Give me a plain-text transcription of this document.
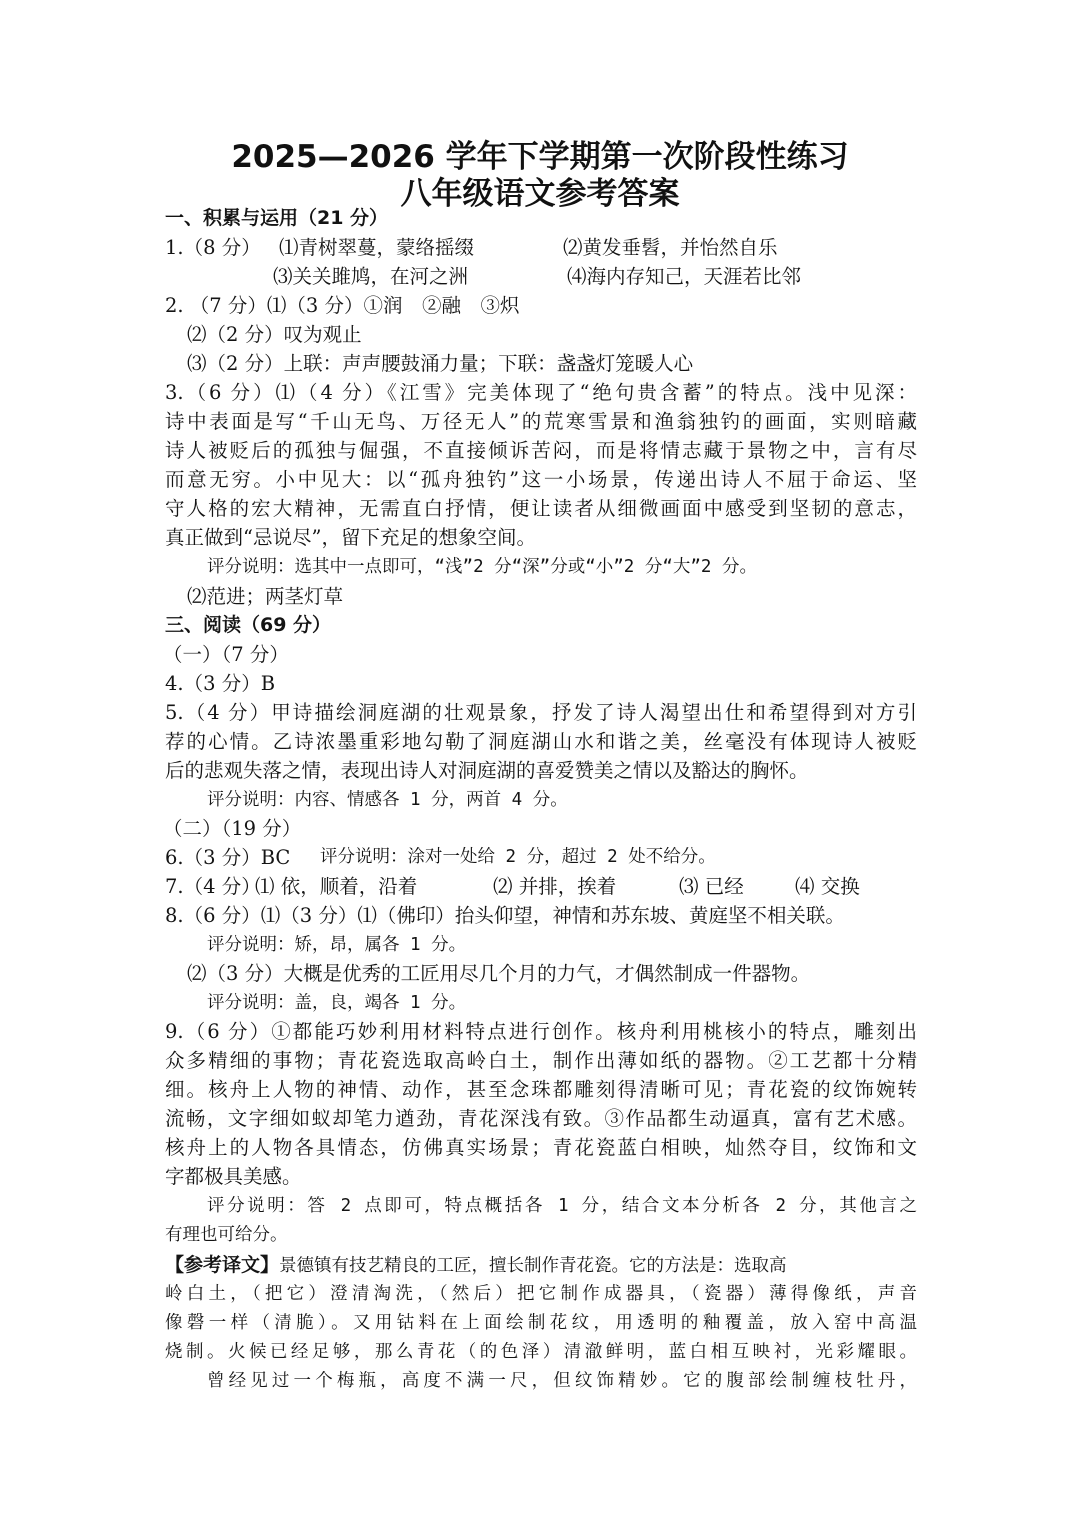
2025—2026 学年下学期第一次阶段性练习
八年级语文参考答案
一、积累与运用（21 分）
1.（8 分） ⑴青树翠蔓，蒙络摇缀	⑵黄发垂髫，并怡然自乐
⑶关关雎鸠，在河之洲	⑷海内存知己，天涯若比邻
2. （7 分）⑴（3 分）①润　②融　③炽
⑵（2 分）叹为观止
⑶（2 分）上联：声声腰鼓涌力量；下联：盏盏灯笼暖人心
3.（6 分）⑴（4 分）《江雪》完美体现了“绝句贵含蓄”的特点。浅中见深：
诗中表面是写“千山无鸟、万径无人”的荒寒雪景和渔翁独钓的画面，实则暗藏
诗人被贬后的孤独与倔强，不直接倾诉苦闷，而是将情志藏于景物之中，言有尽
而意无穷。小中见大：以“孤舟独钓”这一小场景，传递出诗人不屈于命运、坚
守人格的宏大精神，无需直白抒情，便让读者从细微画面中感受到坚韧的意志，
真正做到“忌说尽”，留下充足的想象空间。
评分说明：选其中一点即可，“浅”2 分“深”分或“小”2 分“大”2 分。
⑵范进；两茎灯草
三、阅读（69 分）
（一）（7 分）
4.（3 分）B
5.（4 分）甲诗描绘洞庭湖的壮观景象，抒发了诗人渴望出仕和希望得到对方引
荐的心情。乙诗浓墨重彩地勾勒了洞庭湖山水和谐之美，丝毫没有体现诗人被贬
后的悲观失落之情，表现出诗人对洞庭湖的喜爱赞美之情以及豁达的胸怀。
评分说明：内容、情感各 1 分，两首 4 分。
（二）（19 分）
6.（3 分）BC 评分说明：涂对一处给 2 分，超过 2 处不给分。
7.（4 分）
⑴ 依，顺着，沿着	⑵ 并排，挨着	⑶ 已经	⑷ 交换
8.（6 分）⑴（3 分）⑴（佛印）抬头仰望，神情和苏东坡、黄庭坚不相关联。
评分说明：矫，昂，属各 1 分。
⑵（3 分）大概是优秀的工匠用尽几个月的力气，才偶然制成一件器物。
评分说明：盖，良，竭各 1 分。
9.（6 分）①都能巧妙利用材料特点进行创作。核舟利用桃核小的特点，雕刻出
众多精细的事物；青花瓷选取高岭白土，制作出薄如纸的器物。②工艺都十分精
细。核舟上人物的神情、动作，甚至念珠都雕刻得清晰可见；青花瓷的纹饰婉转
流畅，文字细如蚁却笔力遒劲，青花深浅有致。③作品都生动逼真，富有艺术感。
核舟上的人物各具情态，仿佛真实场景；青花瓷蓝白相映，灿然夺目，纹饰和文
字都极具美感。
评分说明：答 2 点即可，特点概括各 1 分，结合文本分析各 2 分，其他言之
有理也可给分。
【参考译文】景德镇有技艺精良的工匠，擅长制作青花瓷。它的方法是：选取高
岭白土，（把它）澄清淘洗，（然后）把它制作成器具，（瓷器）薄得像纸，声音
像磬一样（清脆）。又用钴料在上面绘制花纹，用透明的釉覆盖，放入窑中高温
烧制。火候已经足够，那么青花（的色泽）清澈鲜明，蓝白相互映衬，光彩耀眼。
曾经见过一个梅瓶，高度不满一尺，但纹饰精妙。它的腹部绘制缠枝牡丹，
